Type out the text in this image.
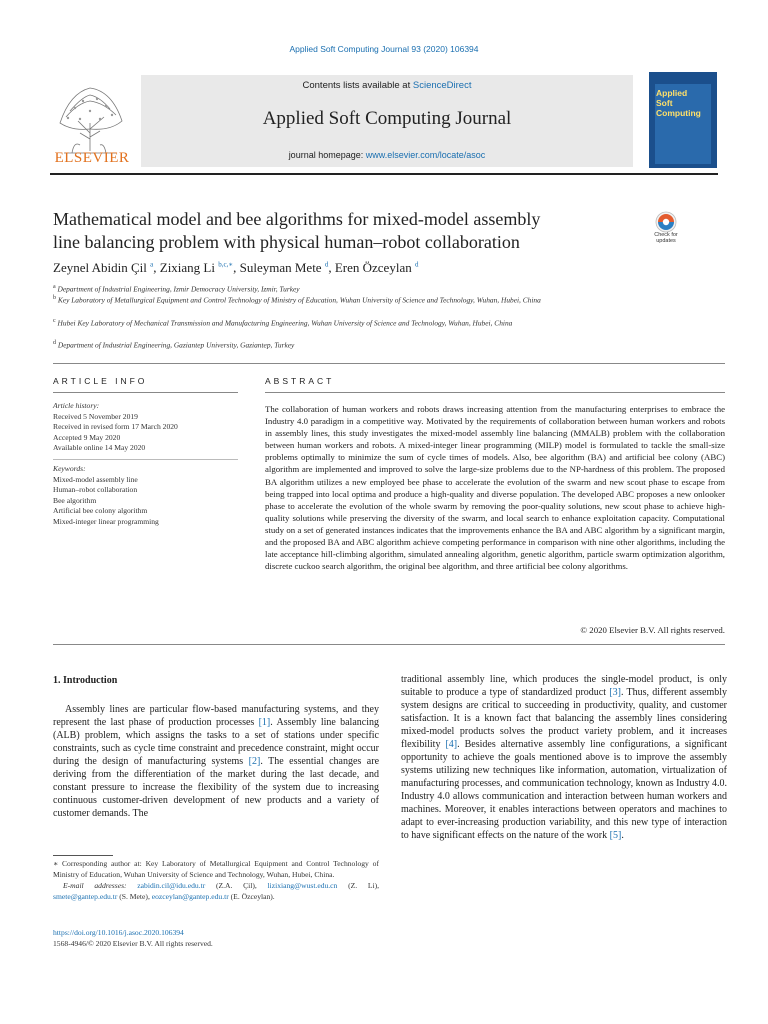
Applied Soft Computing Journal 93 (2020) 106394
Contents lists available at ScienceDirect
Applied Soft Computing Journal
journal homepage: www.elsevier.com/locate/asoc
ELSEVIER
Applied
Soft
Computing
Mathematical model and bee algorithms for mixed-model assembly
line balancing problem with physical human–robot collaboration	Check for updates
Zeynel Abidin Çil $^a$, Zixiang Li $^{b,c,∗}$, Suleyman Mete $^d$, Eren Özceylan $^d$
$^a$ Department of Industrial Engineering, Izmir Democracy University, Izmir, Turkey
$^b$ Key Laboratory of Metallurgical Equipment and Control Technology of Ministry of Education, Wuhan University of Science and Technology, Wuhan, Hubei, China
$^c$ Hubei Key Laboratory of Mechanical Transmission and Manufacturing Engineering, Wuhan University of Science and Technology, Wuhan, Hubei, China
$^d$ Department of Industrial Engineering, Gaziantep University, Gaziantep, Turkey
ARTICLE INFO	ABSTRACT
Article history:
Received 5 November 2019
Received in revised form 17 March 2020
Accepted 9 May 2020
Available online 14 May 2020
Keywords:
Mixed-model assembly line
Human–robot collaboration
Bee algorithm
Artificial bee colony algorithm
Mixed-integer linear programming
The collaboration of human workers and robots draws increasing attention from the manufacturing enterprises to embrace the Industry 4.0 paradigm in a competitive way. Motivated by the requirements of collaboration between human workers and robots in assembly lines, this study investigates the mixed-model assembly line balancing (MMALB) problem with the collaboration between human workers and robots. A mixed-integer linear programming (MILP) model is formulated to tackle the small-size problems optimally to minimize the sum of cycle times of models. Also, bee algorithm (BA) and artificial bee colony (ABC) algorithm are implemented and improved to solve the large-size problems due to the NP-hardness of this problem. The proposed BA algorithm utilizes a new employed bee phase to accelerate the evolution of the swarm and new scout phase to escape from being trapped into local optima and produce a high-quality and diverse population. The developed ABC proposes a new onlooker phase to accelerate the evolution of the whole swarm by removing the poor-quality solutions, new scout phase to achieve high-quality solutions while preserving the diversity of the swarm, and local search to enhance exploitation capacity. Computational study on a set of generated instances indicates that the improvements enhance the BA and ABC algorithm by a significant margin, and the proposed BA and ABC algorithm achieve competing performance in comparison with nine other algorithms, including the late acceptance hill-climbing algorithm, simulated annealing algorithm, genetic algorithm, particle swarm optimization algorithm, discrete cuckoo search algorithm, the original bee algorithm, and three artificial bee colony algorithms.
© 2020 Elsevier B.V. All rights reserved.
1. Introduction
Assembly lines are particular flow-based manufacturing systems, and they represent the last phase of production processes [1]. Assembly line balancing (ALB) problem, which assigns the tasks to a set of stations under specific constraints, such as cycle time constraint and precedence constraint, might occur during the design of manufacturing systems [2]. The essential changes are deriving from the differentiation of the market during the last decade, and constant pressure to increase the flexibility of the system due to increasing continuous customer-driven development of new products and a variety of customer demands. The
traditional assembly line, which produces the single-model product, is only suitable to produce a type of standardized product [3]. Thus, different assembly system designs are critical to succeeding in productivity, quality, and customer satisfaction. It is a known fact that balancing the assembly lines considering mixed-model products solves the product variety problem, and it increases flexibility [4]. Besides alternative assembly line configurations, a significant opportunity to achieve the goals mentioned above is to improve the assembly systems utilizing new techniques like information, automation, virtualization of manufacturing processes, and communication technology, known as Industry 4.0. Industry 4.0 allows communication and interaction between human workers and machines. Moreover, it enables interactions between operators and machines to adapt to ever-increasing production variability, and this new type of interaction to have significant effects on the nature of the work [5].
∗ Corresponding author at: Key Laboratory of Metallurgical Equipment and Control Technology of Ministry of Education, Wuhan University of Science and Technology, Wuhan, Hubei, China.
E-mail addresses: zabidin.cil@idu.edu.tr (Z.A. Çil), lizixiang@wust.edu.cn (Z. Li), smete@gantep.edu.tr (S. Mete), eozceylan@gantep.edu.tr (E. Özceylan).
https://doi.org/10.1016/j.asoc.2020.106394
1568-4946/© 2020 Elsevier B.V. All rights reserved.
